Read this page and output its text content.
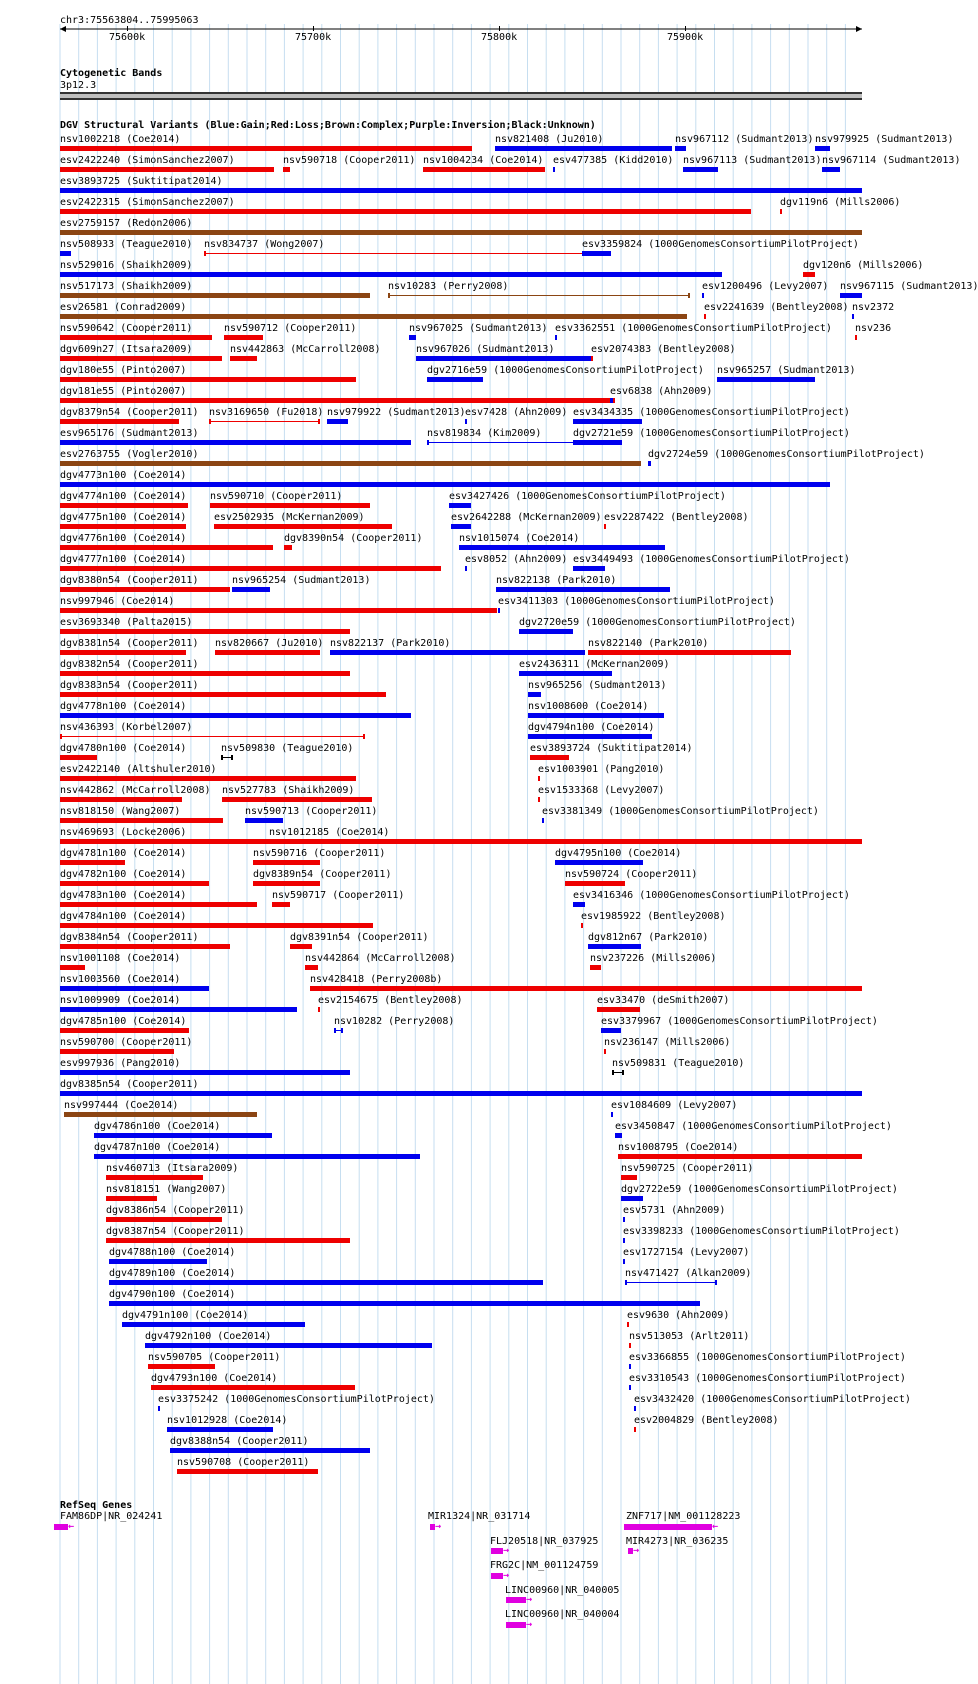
chr3:75563804..75995063
75600k	75700k	75800k	75900k
Cytogenetic Bands
3p12.3
DGV Structural Variants (Blue:Gain;Red:Loss;Brown:Complex;Purple:Inversion;Black:Unknown)
nsv1002218 (Coe2014)	nsv821408 (Ju2010)	nsv967112 (Sudmant2013) nsv979925 (Sudmant2013)
esv2422240 (SimonSanchez2007)	nsv590718 (Cooper2011) nsv1004234 (Coe2014) esv477385 (Kidd2010) nsv967113 (Sudmant2013) nsv967114 (Sudmant2013)
esv3893725 (Suktitipat2014)
esv2422315 (SimonSanchez2007)	dgv119n6 (Mills2006)
esv2759157 (Redon2006)
nsv508933 (Teague2010) nsv834737 (Wong2007)	esv3359824 (1000GenomesConsortiumPilotProject)
nsv529016 (Shaikh2009)	dgv120n6 (Mills2006)
nsv517173 (Shaikh2009)	nsv10283 (Perry2008)	esv1200496 (Levy2007) nsv967115 (Sudmant2013)
esv26581 (Conrad2009)	esv2241639 (Bentley2008) nsv2372
nsv590642 (Cooper2011)	nsv590712 (Cooper2011)	nsv967025 (Sudmant2013) esv3362551 (1000GenomesConsortiumPilotProject) nsv236
dgv609n27 (Itsara2009)	nsv442863 (McCarroll2008)	nsv967026 (Sudmant2013)	esv2074383 (Bentley2008)
dgv180e55 (Pinto2007)	dgv2716e59 (1000GenomesConsortiumPilotProject) nsv965257 (Sudmant2013)
dgv181e55 (Pinto2007)	esv6838 (Ahn2009)
dgv8379n54 (Cooper2011) nsv3169650 (Fu2018) nsv979922 (Sudmant2013) esv7428 (Ahn2009) esv3434335 (1000GenomesConsortiumPilotProject)
esv965176 (Sudmant2013)	nsv819834 (Kim2009)	dgv2721e59 (1000GenomesConsortiumPilotProject)
esv2763755 (Vogler2010)	dgv2724e59 (1000GenomesConsortiumPilotProject)
dgv4773n100 (Coe2014)
dgv4774n100 (Coe2014) nsv590710 (Cooper2011)	esv3427426 (1000GenomesConsortiumPilotProject)
dgv4775n100 (Coe2014)	esv2502935 (McKernan2009)	esv2642288 (McKernan2009) esv2287422 (Bentley2008)
dgv4776n100 (Coe2014)	dgv8390n54 (Cooper2011)	nsv1015074 (Coe2014)
dgv4777n100 (Coe2014)	esv8052 (Ahn2009) esv3449493 (1000GenomesConsortiumPilotProject)
dgv8380n54 (Cooper2011)	nsv965254 (Sudmant2013)	nsv822138 (Park2010)
nsv997946 (Coe2014)	esv3411303 (1000GenomesConsortiumPilotProject)
esv3693340 (Palta2015)	dgv2720e59 (1000GenomesConsortiumPilotProject)
dgv8381n54 (Cooper2011) nsv820667 (Ju2010) nsv822137 (Park2010)	nsv822140 (Park2010)
dgv8382n54 (Cooper2011)	esv2436311 (McKernan2009)
dgv8383n54 (Cooper2011)	nsv965256 (Sudmant2013)
dgv4778n100 (Coe2014)	nsv1008600 (Coe2014)
nsv436393 (Korbel2007)	dgv4794n100 (Coe2014)
dgv4780n100 (Coe2014)	nsv509830 (Teague2010)	esv3893724 (Suktitipat2014)
esv2422140 (Altshuler2010)	esv1003901 (Pang2010)
nsv442862 (McCarroll2008) nsv527783 (Shaikh2009)	esv1533368 (Levy2007)
nsv818150 (Wang2007)	nsv590713 (Cooper2011)	esv3381349 (1000GenomesConsortiumPilotProject)
nsv469693 (Locke2006)	nsv1012185 (Coe2014)
dgv4781n100 (Coe2014)	nsv590716 (Cooper2011)	dgv4795n100 (Coe2014)
dgv4782n100 (Coe2014)	dgv8389n54 (Cooper2011)	nsv590724 (Cooper2011)
dgv4783n100 (Coe2014)	nsv590717 (Cooper2011)	esv3416346 (1000GenomesConsortiumPilotProject)
dgv4784n100 (Coe2014)	esv1985922 (Bentley2008)
dgv8384n54 (Cooper2011)	dgv8391n54 (Cooper2011)	dgv812n67 (Park2010)
nsv1001108 (Coe2014)	nsv442864 (McCarroll2008)	nsv237226 (Mills2006)
nsv1003560 (Coe2014)	nsv428418 (Perry2008b)
nsv1009909 (Coe2014)	esv2154675 (Bentley2008)	esv33470 (deSmith2007)
dgv4785n100 (Coe2014)	nsv10282 (Perry2008)	esv3379967 (1000GenomesConsortiumPilotProject)
nsv590700 (Cooper2011)	nsv236147 (Mills2006)
esv997936 (Pang2010)	nsv509831 (Teague2010)
dgv8385n54 (Cooper2011)
nsv997444 (Coe2014)	esv1084609 (Levy2007)
dgv4786n100 (Coe2014)	esv3450847 (1000GenomesConsortiumPilotProject)
dgv4787n100 (Coe2014)	nsv1008795 (Coe2014)
nsv460713 (Itsara2009)	nsv590725 (Cooper2011)
nsv818151 (Wang2007)	dgv2722e59 (1000GenomesConsortiumPilotProject)
dgv8386n54 (Cooper2011)	esv5731 (Ahn2009)
dgv8387n54 (Cooper2011)	esv3398233 (1000GenomesConsortiumPilotProject)
dgv4788n100 (Coe2014)	esv1727154 (Levy2007)
dgv4789n100 (Coe2014)	nsv471427 (Alkan2009)
dgv4790n100 (Coe2014)
dgv4791n100 (Coe2014)	esv9630 (Ahn2009)
dgv4792n100 (Coe2014)	nsv513053 (Arlt2011)
nsv590705 (Cooper2011)	esv3366855 (1000GenomesConsortiumPilotProject)
dgv4793n100 (Coe2014)	esv3310543 (1000GenomesConsortiumPilotProject)
esv3375242 (1000GenomesConsortiumPilotProject)	esv3432420 (1000GenomesConsortiumPilotProject)
nsv1012928 (Coe2014)	esv2004829 (Bentley2008)
dgv8388n54 (Cooper2011)
nsv590708 (Cooper2011)
RefSeq Genes
FAM86DP|NR_024241
←
MIR1324|NR_031714
→
ZNF717|NM_001128223
←
FLJ20518|NR_037925
→
MIR4273|NR_036235
→
FRG2C|NM_001124759
→
LINC00960|NR_040005
→
LINC00960|NR_040004
→
